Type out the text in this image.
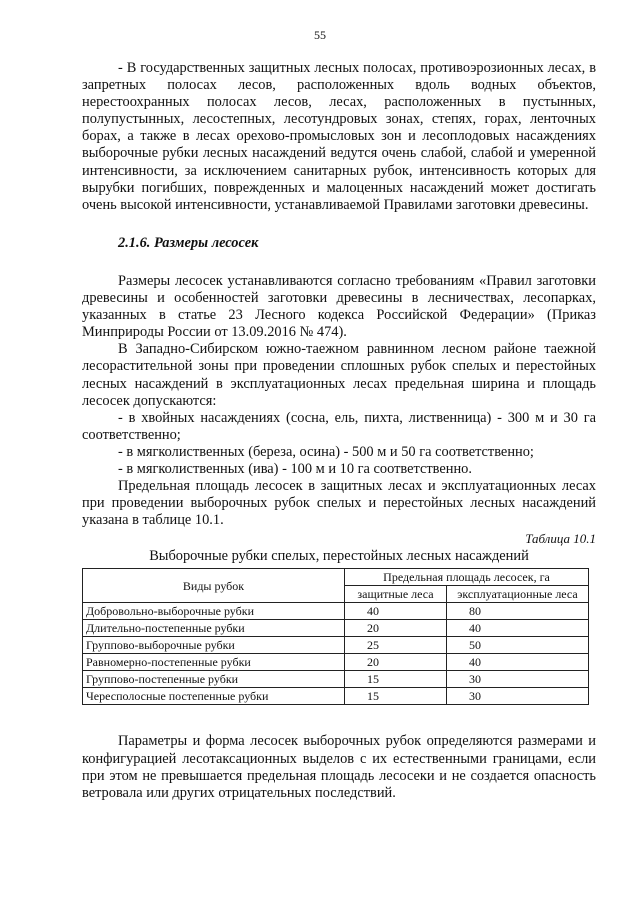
55

- В государственных защитных лесных полосах, противоэрозионных лесах, в запретных полосах лесов, расположенных вдоль водных объектов, нерестоохранных полосах лесов, лесах, расположенных в пустынных, полупустынных, лесостепных, лесотундровых зонах, степях, горах, ленточных борах, а также в лесах орехово-промысловых зон и лесоплодовых насаждениях выборочные рубки лесных насаждений ведутся очень слабой, слабой и умеренной интенсивности, за исключением санитарных рубок, интенсивность которых для вырубки погибших, поврежденных и малоценных насаждений может достигать очень высокой интенсивности, устанавливаемой Правилами заготовки древесины.

2.1.6. Размеры лесосек

Размеры лесосек устанавливаются согласно требованиям «Правил заготовки древесины и особенностей заготовки древесины в лесничествах, лесопарках, указанных в статье 23 Лесного кодекса Российской Федерации» (Приказ Минприроды России от 13.09.2016 № 474).

В Западно-Сибирском южно-таежном равнинном лесном районе таежной лесорастительной зоны при проведении сплошных рубок спелых и перестойных лесных насаждений в эксплуатационных лесах предельная ширина и площадь лесосек допускаются:

- в хвойных насаждениях (сосна, ель, пихта, лиственница) - 300 м и 30 га соответственно;

- в мягколиственных (береза, осина) - 500 м и 50 га соответственно;

- в мягколиственных (ива) - 100 м и 10 га соответственно.

Предельная площадь лесосек в защитных лесах и эксплуатационных лесах при проведении выборочных рубок спелых и перестойных лесных насаждений указана в таблице 10.1.

Таблица 10.1
Выборочные рубки спелых, перестойных лесных насаждений
Виды рубок	Предельная площадь лесосек, га	
	защитные леса	эксплуатационные леса
Добровольно-выборочные рубки	40	80
Длительно-постепенные рубки	20	40
Группово-выборочные рубки	25	50
Равномерно-постепенные рубки	20	40
Группово-постепенные рубки	15	30
Чересполосные постепенные рубки	15	30

Параметры и форма лесосек выборочных рубок определяются размерами и конфигурацией лесотаксационных выделов с их естественными границами, если при этом не превышается предельная площадь лесосеки и не создается опасность ветровала или других отрицательных последствий.
